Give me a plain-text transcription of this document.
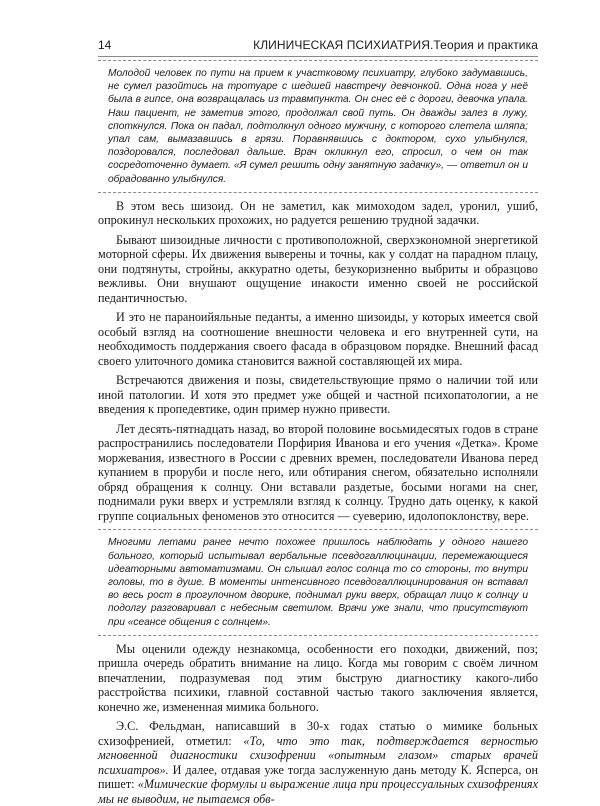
14	КЛИНИЧЕСКАЯ ПСИХИАТРИЯ.Теория и практика

Молодой человек по пути на прием к участковому психиатру, глубоко задумавшись, не сумел разойтись на тротуаре с шедшей навстречу девчонкой. Одна нога у неё была в гипсе, она возвращалась из травмпункта. Он снес её с дороги, девочка упала. Наш пациент, не заметив этого, продолжал свой путь. Он дважды залез в лужу, споткнулся. Пока он падал, подтолкнул одного мужчину, с которого слетела шляпа; упал сам, вымазавшись в грязи. Поравнявшись с доктором, сухо улыбнулся, поздоровался, последовал дальше. Врач окликнул его, спросил, о чем он так сосредоточенно думает. «Я сумел решить одну занятную задачку», — ответил он и обрадованно улыбнулся.

В этом весь шизоид. Он не заметил, как мимоходом задел, уронил, ушиб, опрокинул нескольких прохожих, но радуется решению трудной задачки.

Бывают шизоидные личности с противоположной, сверхэкономной энергетикой моторной сферы. Их движения выверены и точны, как у солдат на парадном плацу, они подтянуты, стройны, аккуратно одеты, безукоризненно выбриты и образцово вежливы. Они внушают ощущение инакости именно своей не российской педантичностью.

И это не параноийяльные педанты, а именно шизоиды, у которых имеется свой особый взгляд на соотношение внешности человека и его внутренней сути, на необходимость поддержания своего фасада в образцовом порядке. Внешний фасад своего улиточного домика становится важной составляющей их мира.

Встречаются движения и позы, свидетельствующие прямо о наличии той или иной патологии. И хотя это предмет уже общей и частной психопатологии, а не введения к пропедевтике, один пример нужно привести.

Лет десять-пятнадцать назад, во второй половине восьмидесятых годов в стране распространились последователи Порфирия Иванова и его учения «Детка». Кроме моржевания, известного в России с древних времен, последователи Иванова перед купанием в проруби и после него, или обтирания снегом, обязательно исполняли обряд обращения к солнцу. Они вставали раздетые, босыми ногами на снег, поднимали руки вверх и устремляли взгляд к солнцу. Трудно дать оценку, к какой группе социальных феноменов это относится — суеверию, идолопоклонству, вере.

Многими летами ранее нечто похожее пришлось наблюдать у одного нашего больного, который испытывал вербальные псевдогаллюцинации, перемежающиеся идеаторными автоматизмами. Он слышал голос солнца то со стороны, то внутри головы, то в душе. В моменты интенсивного псевдогаллюцинирования он вставал во весь рост в прогулочном дворике, поднимал руки вверх, обращал лицо к солнцу и подолгу разговаривал с небесным светилом. Врачи уже знали, что присутствуют при «сеансе общения с солнцем».

Мы оценили одежду незнакомца, особенности его походки, движений, поз; пришла очередь обратить внимание на лицо. Когда мы говорим с своём личном впечатлении, подразумевая под этим быструю диагностику какого-либо расстройства психики, главной составной частью такого заключения является, конечно же, измененная мимика больного.

Э.С. Фельдман, написавший в 30-х годах статью о мимике больных схизофренией, отметил: «То, что это так, подтверждается верностью мгновенной диагностики схизофрении «опытным глазом» старых врачей психиатров». И далее, отдавая уже тогда заслуженную дань методу К. Ясперса, он пишет: «Мимические формулы и выражение лица при процессуальных схизофрениях мы не выводим, не пытаемся обв-
